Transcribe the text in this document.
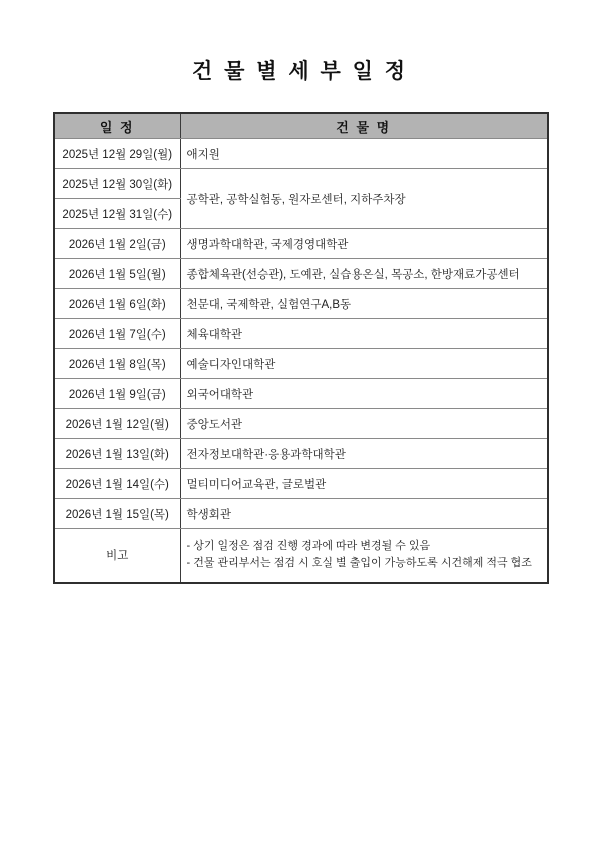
건 물 별 세 부 일 정
일 정	건 물 명
2025년 12월 29일(월)	애지원
2025년 12월 30일(화)	공학관, 공학실험동, 원자로센터, 지하주차장
2025년 12월 31일(수)	
2026년 1월 2일(금)	생명과학대학관, 국제경영대학관
2026년 1월 5일(월)	종합체육관(선승관), 도예관, 실습용온실, 목공소, 한방재료가공센터
2026년 1월 6일(화)	천문대, 국제학관, 실험연구A,B동
2026년 1월 7일(수)	체육대학관
2026년 1월 8일(목)	예술디자인대학관
2026년 1월 9일(금)	외국어대학관
2026년 1월 12일(월)	중앙도서관
2026년 1월 13일(화)	전자정보대학관·응용과학대학관
2026년 1월 14일(수)	멀티미디어교육관, 글로벌관
2026년 1월 15일(목)	학생회관
비고	- 상기 일정은 점검 진행 경과에 따라 변경될 수 있음
- 건물 관리부서는 점검 시 호실 별 출입이 가능하도록 시건해제 적극 협조
